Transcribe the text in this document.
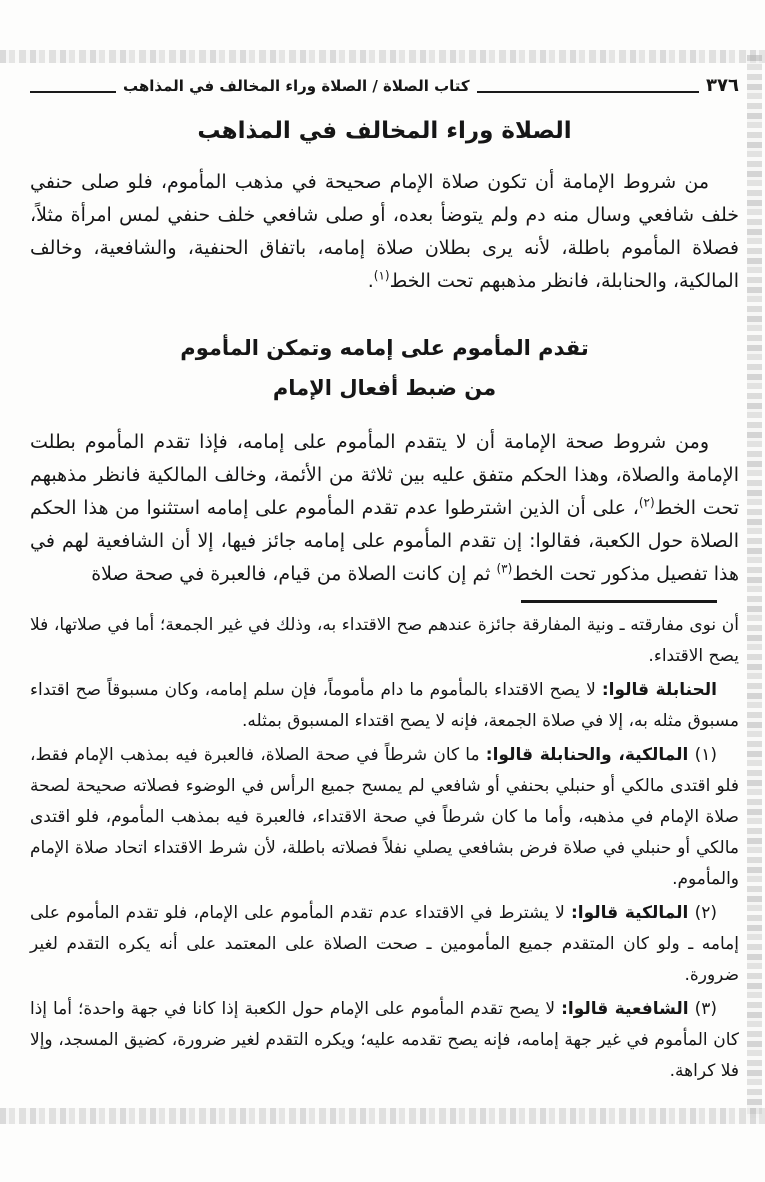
٣٧٦
كتاب الصلاة / الصلاة وراء المخالف في المذاهب
الصلاة وراء المخالف في المذاهب

من شروط الإمامة أن تكون صلاة الإمام صحيحة في مذهب المأموم، فلو صلى حنفي خلف شافعي وسال منه دم ولم يتوضأ بعده، أو صلى شافعي خلف حنفي لمس امرأة مثلاً، فصلاة المأموم باطلة، لأنه يرى بطلان صلاة إمامه، باتفاق الحنفية، والشافعية، وخالف المالكية، والحنابلة، فانظر مذهبهم تحت الخط$^{(١)}$.

تقدم المأموم على إمامه وتمكن المأموم
من ضبط أفعال الإمام

ومن شروط صحة الإمامة أن لا يتقدم المأموم على إمامه، فإذا تقدم المأموم بطلت الإمامة والصلاة، وهذا الحكم متفق عليه بين ثلاثة من الأئمة، وخالف المالكية فانظر مذهبهم تحت الخط$^{(٢)}$، على أن الذين اشترطوا عدم تقدم المأموم على إمامه استثنوا من هذا الحكم الصلاة حول الكعبة، فقالوا: إن تقدم المأموم على إمامه جائز فيها، إلا أن الشافعية لهم في هذا تفصيل مذكور تحت الخط$^{(٣)}$ ثم إن كانت الصلاة من قيام، فالعبرة في صحة صلاة

أن نوى مفارقته ـ ونية المفارقة جائزة عندهم صح الاقتداء به، وذلك في غير الجمعة؛ أما في صلاتها، فلا يصح الاقتداء.

الحنابلة قالوا: لا يصح الاقتداء بالمأموم ما دام مأموماً، فإن سلم إمامه، وكان مسبوقاً صح اقتداء مسبوق مثله به، إلا في صلاة الجمعة، فإنه لا يصح اقتداء المسبوق بمثله.

(١) المالكية، والحنابلة قالوا: ما كان شرطاً في صحة الصلاة، فالعبرة فيه بمذهب الإمام فقط، فلو اقتدى مالكي أو حنبلي بحنفي أو شافعي لم يمسح جميع الرأس في الوضوء فصلاته صحيحة لصحة صلاة الإمام في مذهبه، وأما ما كان شرطاً في صحة الاقتداء، فالعبرة فيه بمذهب المأموم، فلو اقتدى مالكي أو حنبلي في صلاة فرض بشافعي يصلي نفلاً فصلاته باطلة، لأن شرط الاقتداء اتحاد صلاة الإمام والمأموم.

(٢) المالكية قالوا: لا يشترط في الاقتداء عدم تقدم المأموم على الإمام، فلو تقدم المأموم على إمامه ـ ولو كان المتقدم جميع المأمومين ـ صحت الصلاة على المعتمد على أنه يكره التقدم لغير ضرورة.

(٣) الشافعية قالوا: لا يصح تقدم المأموم على الإمام حول الكعبة إذا كانا في جهة واحدة؛ أما إذا كان المأموم في غير جهة إمامه، فإنه يصح تقدمه عليه؛ ويكره التقدم لغير ضرورة، كضيق المسجد، وإلا فلا كراهة.
